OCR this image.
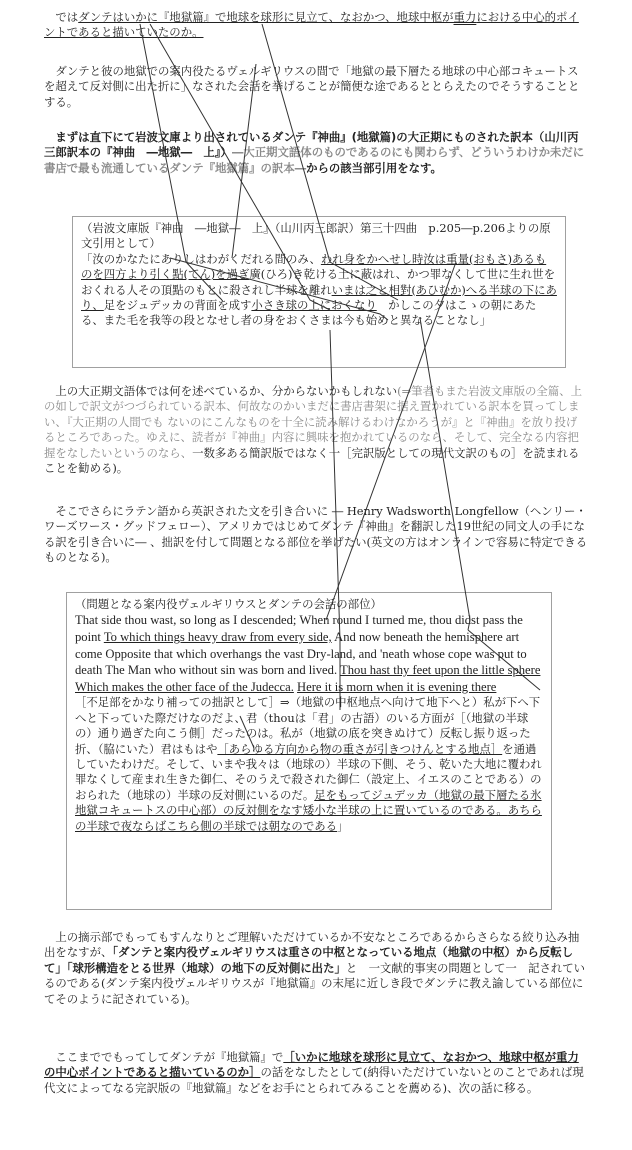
　ではダンテはいかに『地獄篇』で地球を球形に見立て、なおかつ、地球中枢が重力における中心的ポイントであると描いていたのか。

　ダンテと彼の地獄での案内役たるヴェルギリウスの間で「地獄の最下層たる地球の中心部コキュートスを超えて反対側に出た折に」なされた会話を挙げることが簡便な途であるととらえたのでそうすることとする。

　まずは直下にて岩波文庫より出されているダンテ『神曲』(地獄篇)の大正期にものされた訳本（山川丙三郎訳本の『神曲　―地獄―　上』）―大正期文語体のものであるのにも関わらず、どういうわけか未だに書店で最も流通しているダンテ『地獄篇』の訳本―からの該当部引用をなす。

（岩波文庫版『神曲　―地獄―　上』（山川丙三郎訳）第三十四曲　p.205―p.206よりの原文引用として）

「汝のかなたにありしはわがくだれる間のみ、われ身をかへせし時汝は重量(おもさ)あるものを四方より引く點(てん)を過ぎ廣(ひろ)き乾ける土に蔽はれ、かつ罪なくして世に生れ世をおくれる人その頂點のもとに殺されし半球を離れいまは之と相對(あひむか)へる半球の下にあり、足をジュデッカの背面を成す小さき球の上におくなり　かしこの夕はこゝの朝にあたる、また毛を我等の段となせし者の身をおくさまは今も始めと異なることなし」

　上の大正期文語体では何を述べているか、分からないかもしれない(⇒筆者もまた岩波文庫版の全篇、上の如しで訳文がつづられている訳本、何故なのかいまだに書店書架に据え置かれている訳本を買ってしまい、『大正期の人間でも ないのにこんなものを十全に読み解けるわけなかろうが』と『神曲』を放り投げるところであった。ゆえに、読者が『神曲』内容に興味を抱かれているのなら、そして、完全なる内容把握をなしたいというのなら、一数多ある簡訳版ではなく一［完訳版としての現代文訳のもの］を読まれることを勧める)。

　そこでさらにラテン語から英訳された文を引き合いに ― Henry Wadsworth Longfellow（ヘンリー・ワーズワース・グッドフェロー）、アメリカではじめてダンテ『神曲』を翻訳した19世紀の同文人の手になる訳を引き合いに― 、拙訳を付して問題となる部位を挙げたい(英文の方はオンラインで容易に特定できるものとなる)。

（問題となる案内役ヴェルギリウスとダンテの会話の部位）

That side thou wast, so long as I descended; When round I turned me, thou didst pass the point To which things heavy draw from every side, And now beneath the hemisphere art come Opposite that which overhangs the vast Dry-land, and 'neath whose cope was put to death The Man who without sin was born and lived. Thou hast thy feet upon the little sphere Which makes the other face of the Judecca. Here it is morn when it is evening there

［不足部をかなり補っての拙訳として］⇒（地獄の中枢地点へ向けて地下へと）私が下へ下へと下っていた際だけなのだよ、君（thouは「君」の古語）のいる方面が［（地獄の半球の）通り過ぎた向こう側］だったのは。私が（地獄の底を突きぬけて）反転し振り返った折、（脇にいた）君はもはや［あらゆる方向から物の重さが引きつけんとする地点］を通過していたわけだ。そして、いまや我々は（地球の）半球の下側、そう、乾いた大地に覆われ罪なくして産まれ生きた御仁、そのうえで殺された御仁（設定上、イエスのことである）のおられた（地球の）半球の反対側にいるのだ。足をもってジュデッカ（地獄の最下層たる氷地獄コキュートスの中心部）の反対側をなす矮小な半球の上に置いているのである。あちらの半球で夜ならばこちら側の半球では朝なのである」

　上の摘示部でもってもすんなりとご理解いただけているか不安なところであるからさらなる絞り込み抽出をなすが、「ダンテと案内役ヴェルギリウスは重さの中枢となっている地点（地獄の中枢）から反転して」「球形構造をとる世界（地球）の地下の反対側に出た」と　一文献的事実の問題として一　記されているのである(ダンテ案内役ヴェルギリウスが『地獄篇』の末尾に近しき段でダンテに教え諭している部位にてそのように記されている)。

　ここまででもってしてダンテが『地獄篇』で［いかに地球を球形に見立て、なおかつ、地球中枢が重力の中心ポイントであると描いているのか］の話をなしたとして(納得いただけていないとのことであれば現代文によってなる完訳版の『地獄篇』などをお手にとられてみることを薦める)、次の話に移る。
